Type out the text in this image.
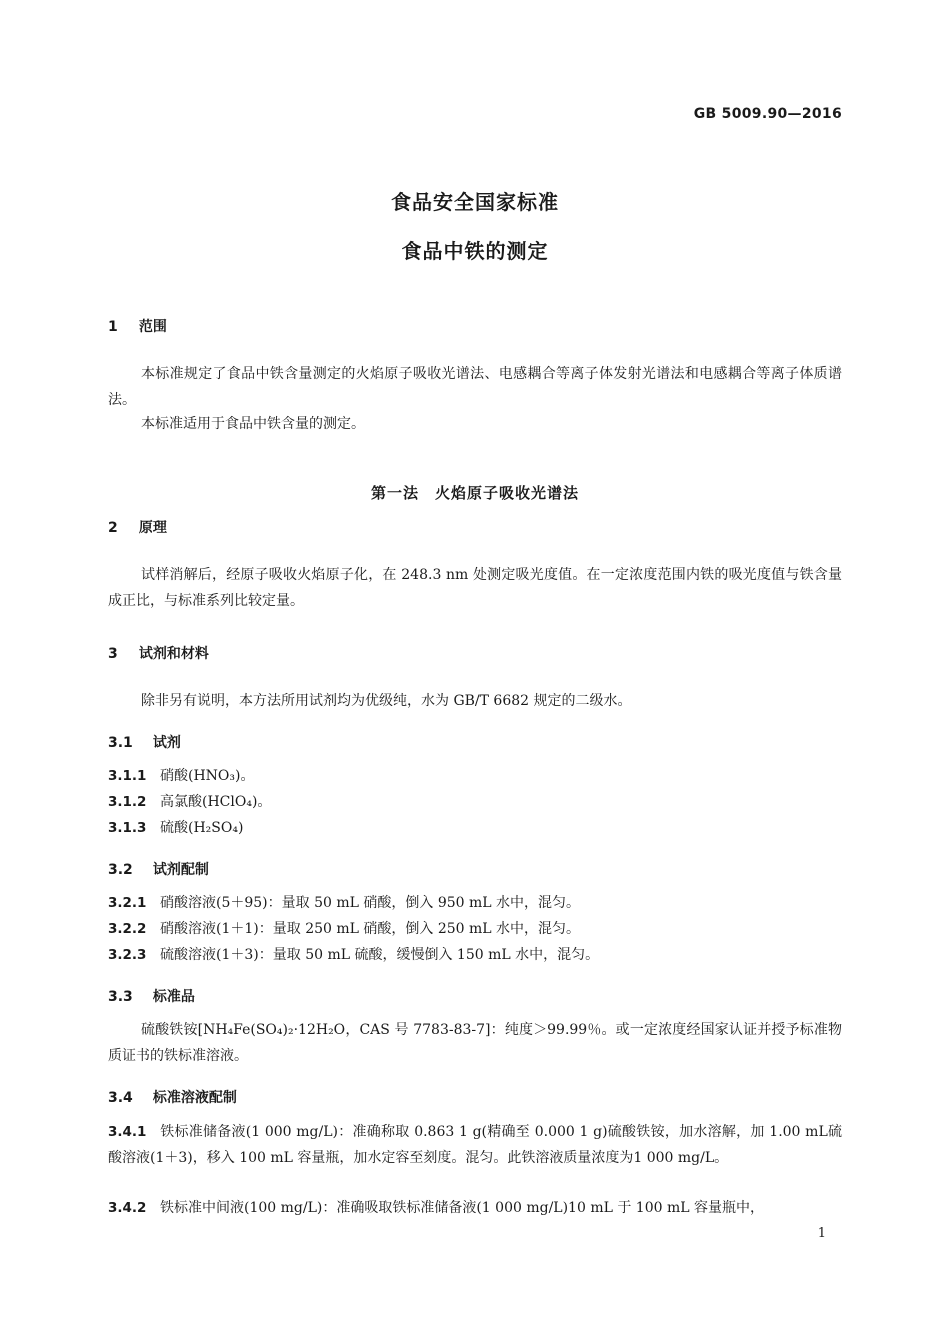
GB 5009.90—2016
食品安全国家标准
食品中铁的测定
1 范围
本标准规定了食品中铁含量测定的火焰原子吸收光谱法、电感耦合等离子体发射光谱法和电感耦合等离子体质谱法。
本标准适用于食品中铁含量的测定。
第一法　火焰原子吸收光谱法
2 原理
试样消解后，经原子吸收火焰原子化，在 248.3 nm 处测定吸光度值。在一定浓度范围内铁的吸光度值与铁含量成正比，与标准系列比较定量。
3 试剂和材料
除非另有说明，本方法所用试剂均为优级纯，水为 GB/T 6682 规定的二级水。
3.1 试剂
3.1.1 硝酸(HNO₃)。
3.1.2 高氯酸(HClO₄)。
3.1.3 硫酸(H₂SO₄)
3.2 试剂配制
3.2.1 硝酸溶液(5＋95)：量取 50 mL 硝酸，倒入 950 mL 水中，混匀。
3.2.2 硝酸溶液(1＋1)：量取 250 mL 硝酸，倒入 250 mL 水中，混匀。
3.2.3 硫酸溶液(1＋3)：量取 50 mL 硫酸，缓慢倒入 150 mL 水中，混匀。
3.3 标准品
硫酸铁铵[NH₄Fe(SO₄)₂·12H₂O，CAS 号 7783-83-7]：纯度＞99.99％。或一定浓度经国家认证并授予标准物质证书的铁标准溶液。
3.4 标准溶液配制
3.4.1 铁标准储备液(1 000 mg/L)：准确称取 0.863 1 g(精确至 0.000 1 g)硫酸铁铵，加水溶解，加 1.00 mL硫酸溶液(1＋3)，移入 100 mL 容量瓶，加水定容至刻度。混匀。此铁溶液质量浓度为1 000 mg/L。
3.4.2 铁标准中间液(100 mg/L)：准确吸取铁标准储备液(1 000 mg/L)10 mL 于 100 mL 容量瓶中，
1
